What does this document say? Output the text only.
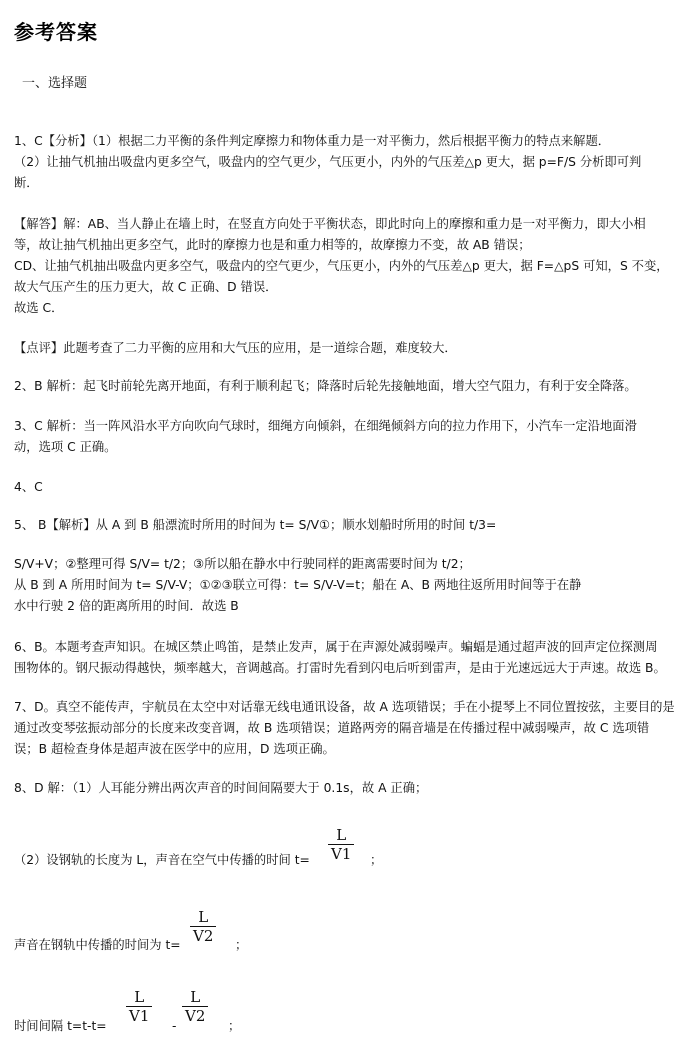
参考答案
一、选择题
1、C【分析】（1）根据二力平衡的条件判定摩擦力和物体重力是一对平衡力，然后根据平衡力的特点来解题．
（2）让抽气机抽出吸盘内更多空气，吸盘内的空气更少，气压更小，内外的气压差△p 更大，据 p=F/S 分析即可判
断．
【解答】解：AB、当人静止在墙上时，在竖直方向处于平衡状态，即此时向上的摩擦和重力是一对平衡力，即大小相
等，故让抽气机抽出更多空气，此时的摩擦力也是和重力相等的，故摩擦力不变，故 AB 错误；
CD、让抽气机抽出吸盘内更多空气，吸盘内的空气更少，气压更小，内外的气压差△p 更大，据 F=△pS 可知，S 不变，
故大气压产生的压力更大，故 C 正确、D 错误．
故选 C．
【点评】此题考查了二力平衡的应用和大气压的应用，是一道综合题，难度较大．
2、B 解析：起飞时前轮先离开地面，有利于顺利起飞；降落时后轮先接触地面，增大空气阻力，有利于安全降落。
3、C 解析：当一阵风沿水平方向吹向气球时，细绳方向倾斜，在细绳倾斜方向的拉力作用下，小汽车一定沿地面滑
动，选项 C 正确。
4、C
5、 B【解析】从 A 到 B 船漂流时所用的时间为 t= S/V①；顺水划船时所用的时间 t/3=
S/V+V；②整理可得 S/V= t/2；③所以船在静水中行驶同样的距离需要时间为 t/2；
从 B 到 A 所用时间为 t= S/V-V；①②③联立可得：t= S/V-V=t；船在 A、B 两地往返所用时间等于在静
水中行驶 2 倍的距离所用的时间．故选 B
6、B。本题考查声知识。在城区禁止鸣笛，是禁止发声，属于在声源处减弱噪声。蝙蝠是通过超声波的回声定位探测周
围物体的。钢尺振动得越快，频率越大，音调越高。打雷时先看到闪电后听到雷声，是由于光速远远大于声速。故选 B。
7、D。真空不能传声，宇航员在太空中对话靠无线电通讯设备，故 A 选项错误；手在小提琴上不同位置按弦，主要目的是
通过改变琴弦振动部分的长度来改变音调，故 B 选项错误；道路两旁的隔音墙是在传播过程中减弱噪声，故 C 选项错
误；B 超检查身体是超声波在医学中的应用，D 选项正确。
8、D 解：（1）人耳能分辨出两次声音的时间间隔要大于 0.1s，故 A 正确；
（2）设钢轨的长度为 L，声音在空气中传播的时间 $t= \frac{L}{V1}$ ；
声音在钢轨中传播的时间为 $t= \frac{L}{V2}$ ；
时间间隔 t=t-t=
$\frac{L}{V1}$
-
$\frac{L}{V2}$
；
